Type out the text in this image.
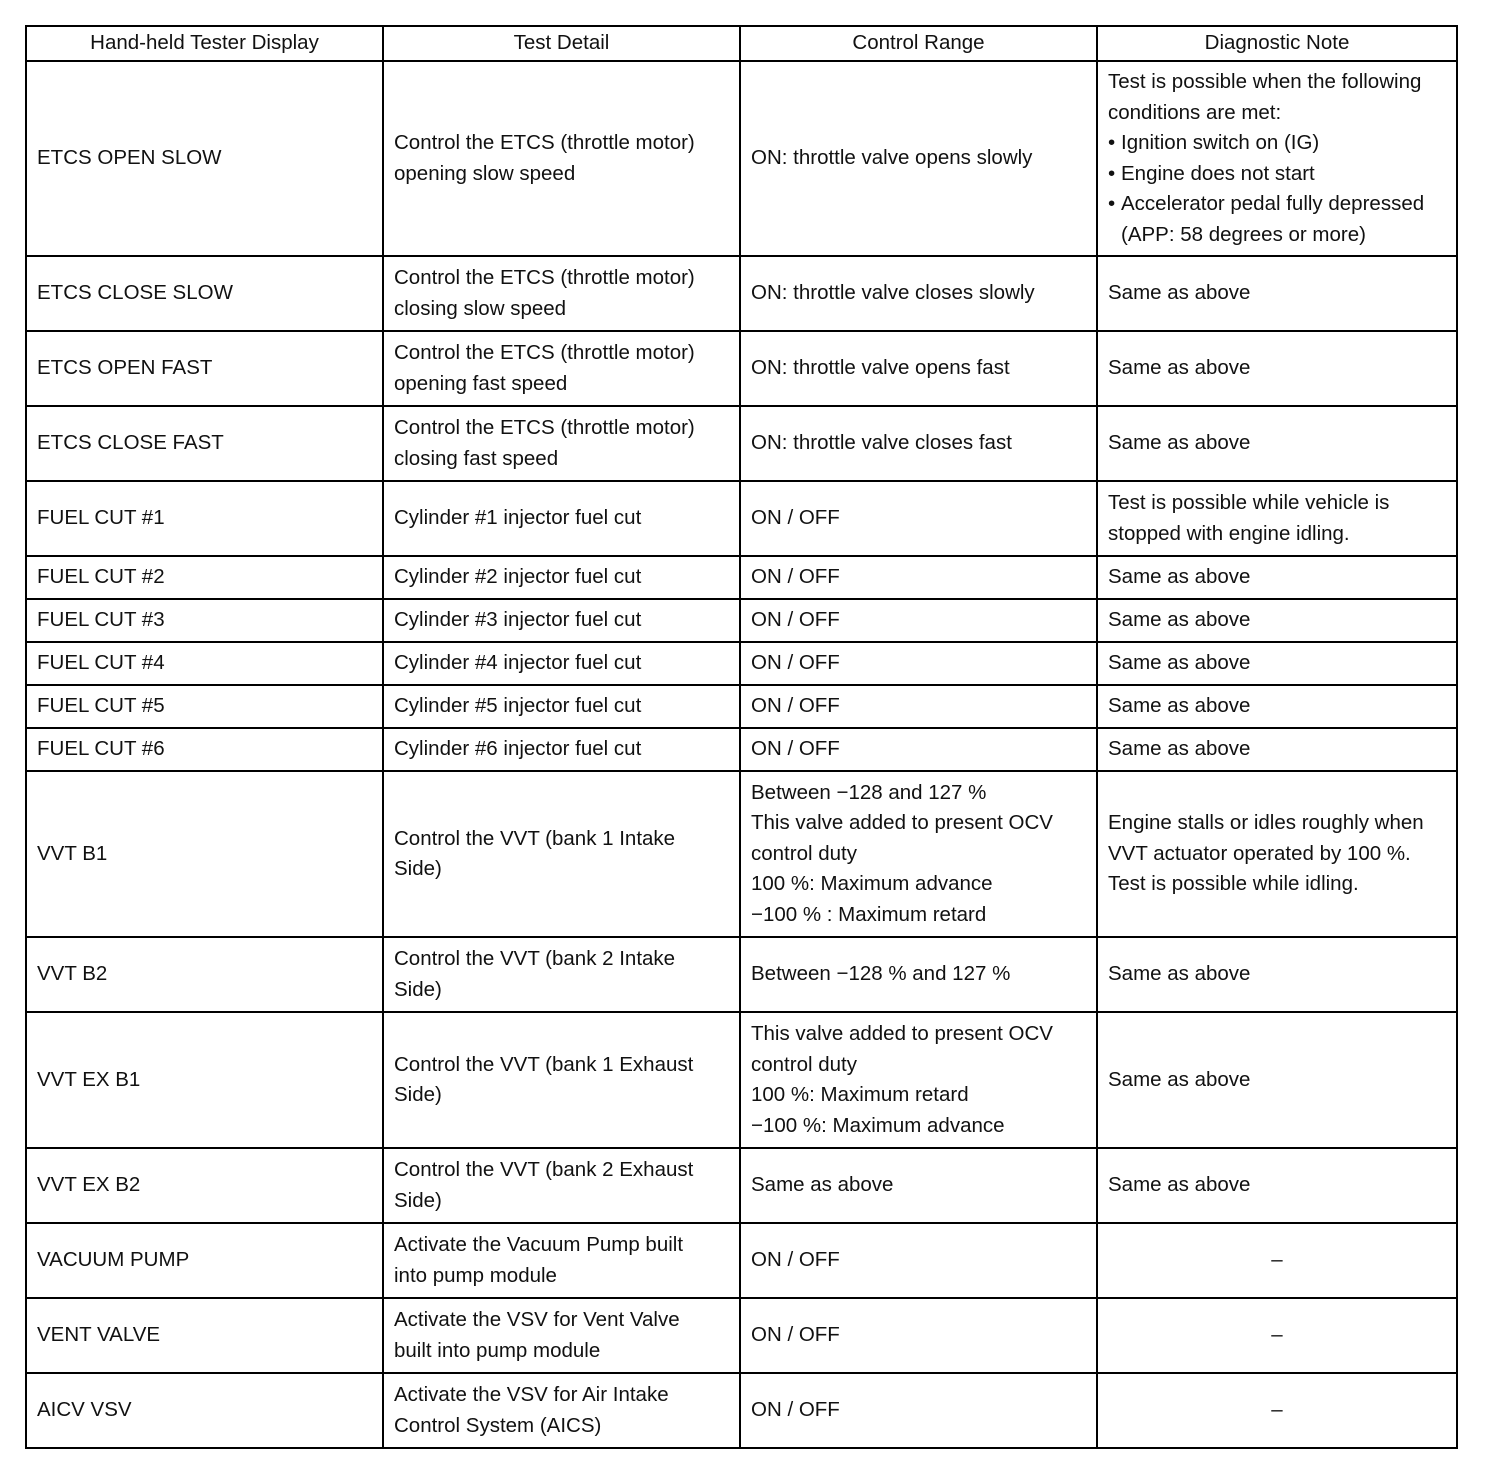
Hand-held Tester Display	Test Detail	Control Range	Diagnostic Note
ETCS OPEN SLOW	Control the ETCS (throttle motor)
opening slow speed	ON: throttle valve opens slowly	Test is possible when the following
conditions are met:
• Ignition switch on (IG)
• Engine does not start
• Accelerator pedal fully depressed (APP: 58 degrees or more)

ETCS CLOSE SLOW	Control the ETCS (throttle motor)
closing slow speed	ON: throttle valve closes slowly	Same as above
ETCS OPEN FAST	Control the ETCS (throttle motor)
opening fast speed	ON: throttle valve opens fast	Same as above
ETCS CLOSE FAST	Control the ETCS (throttle motor)
closing fast speed	ON: throttle valve closes fast	Same as above
FUEL CUT #1	Cylinder #1 injector fuel cut	ON / OFF	Test is possible while vehicle is
stopped with engine idling.

FUEL CUT #2	Cylinder #2 injector fuel cut	ON / OFF	Same as above
FUEL CUT #3	Cylinder #3 injector fuel cut	ON / OFF	Same as above
FUEL CUT #4	Cylinder #4 injector fuel cut	ON / OFF	Same as above
FUEL CUT #5	Cylinder #5 injector fuel cut	ON / OFF	Same as above
FUEL CUT #6	Cylinder #6 injector fuel cut	ON / OFF	Same as above
VVT B1	Control the VVT (bank 1 Intake
Side)	Between −128 and 127 %
This valve added to present OCV
control duty
100 %: Maximum advance
−100 % : Maximum retard	Engine stalls or idles roughly when
VVT actuator operated by 100 %.
Test is possible while idling.

VVT B2	Control the VVT (bank 2 Intake
Side)	Between −128 % and 127 %	Same as above
VVT EX B1	Control the VVT (bank 1 Exhaust
Side)	This valve added to present OCV
control duty
100 %: Maximum retard
−100 %: Maximum advance	Same as above
VVT EX B2	Control the VVT (bank 2 Exhaust
Side)	Same as above	Same as above
VACUUM PUMP	Activate the Vacuum Pump built
into pump module	ON / OFF	–
VENT VALVE	Activate the VSV for Vent Valve
built into pump module	ON / OFF	–
AICV VSV	Activate the VSV for Air Intake
Control System (AICS)	ON / OFF	–
